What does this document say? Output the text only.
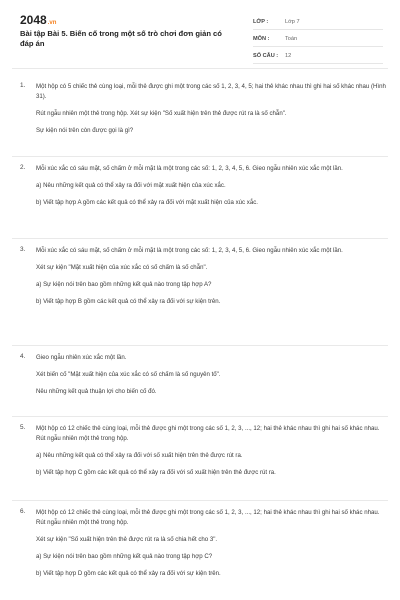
2048.vn
Bài tập Bài 5. Biến cố trong một số trò chơi đơn giản có đáp án
LỚP :	Lớp 7
MÔN :	Toán
SỐ CÂU :	12
1. Một hộp có 5 chiếc thẻ cùng loại, mỗi thẻ được ghi một trong các số 1, 2, 3, 4, 5; hai thẻ khác nhau thì ghi hai số khác nhau (Hình 31).

Rút ngẫu nhiên một thẻ trong hộp. Xét sự kiện "Số xuất hiện trên thẻ được rút ra là số chẵn".

Sự kiện nói trên còn được gọi là gì?

2. Mỗi xúc xắc có sáu mặt, số chấm ở mỗi mặt là một trong các số: 1, 2, 3, 4, 5, 6. Gieo ngẫu nhiên xúc xắc một lần.

a) Nêu những kết quả có thể xảy ra đối với mặt xuất hiện của xúc xắc.

b) Viết tập hợp A gồm các kết quả có thể xảy ra đối với mặt xuất hiện của xúc xắc.

3. Mỗi xúc xắc có sáu mặt, số chấm ở mỗi mặt là một trong các số: 1, 2, 3, 4, 5, 6. Gieo ngẫu nhiên xúc xắc một lần.

Xét sự kiện "Mặt xuất hiện của xúc xắc có số chấm là số chẵn".

a) Sự kiện nói trên bao gồm những kết quả nào trong tập hợp A?

b) Viết tập hợp B gồm các kết quả có thể xảy ra đối với sự kiện trên.

4. Gieo ngẫu nhiên xúc xắc một lần.

Xét biến cố "Mặt xuất hiện của xúc xắc có số chấm là số nguyên tố".

Nêu những kết quả thuận lợi cho biến cố đó.

5. Một hộp có 12 chiếc thẻ cùng loại, mỗi thẻ được ghi một trong các số 1, 2, 3, ..., 12; hai thẻ khác nhau thì ghi hai số khác nhau. Rút ngẫu nhiên một thẻ trong hộp.

a) Nêu những kết quả có thể xảy ra đối với số xuất hiện trên thẻ được rút ra.

b) Viết tập hợp C gồm các kết quả có thể xảy ra đối với số xuất hiện trên thẻ được rút ra.

6. Một hộp có 12 chiếc thẻ cùng loại, mỗi thẻ được ghi một trong các số 1, 2, 3, ..., 12; hai thẻ khác nhau thì ghi hai số khác nhau. Rút ngẫu nhiên một thẻ trong hộp.

Xét sự kiện "Số xuất hiện trên thẻ được rút ra là số chia hết cho 3".

a) Sự kiện nói trên bao gồm những kết quả nào trong tập hợp C?

b) Viết tập hợp D gồm các kết quả có thể xảy ra đối với sự kiện trên.
